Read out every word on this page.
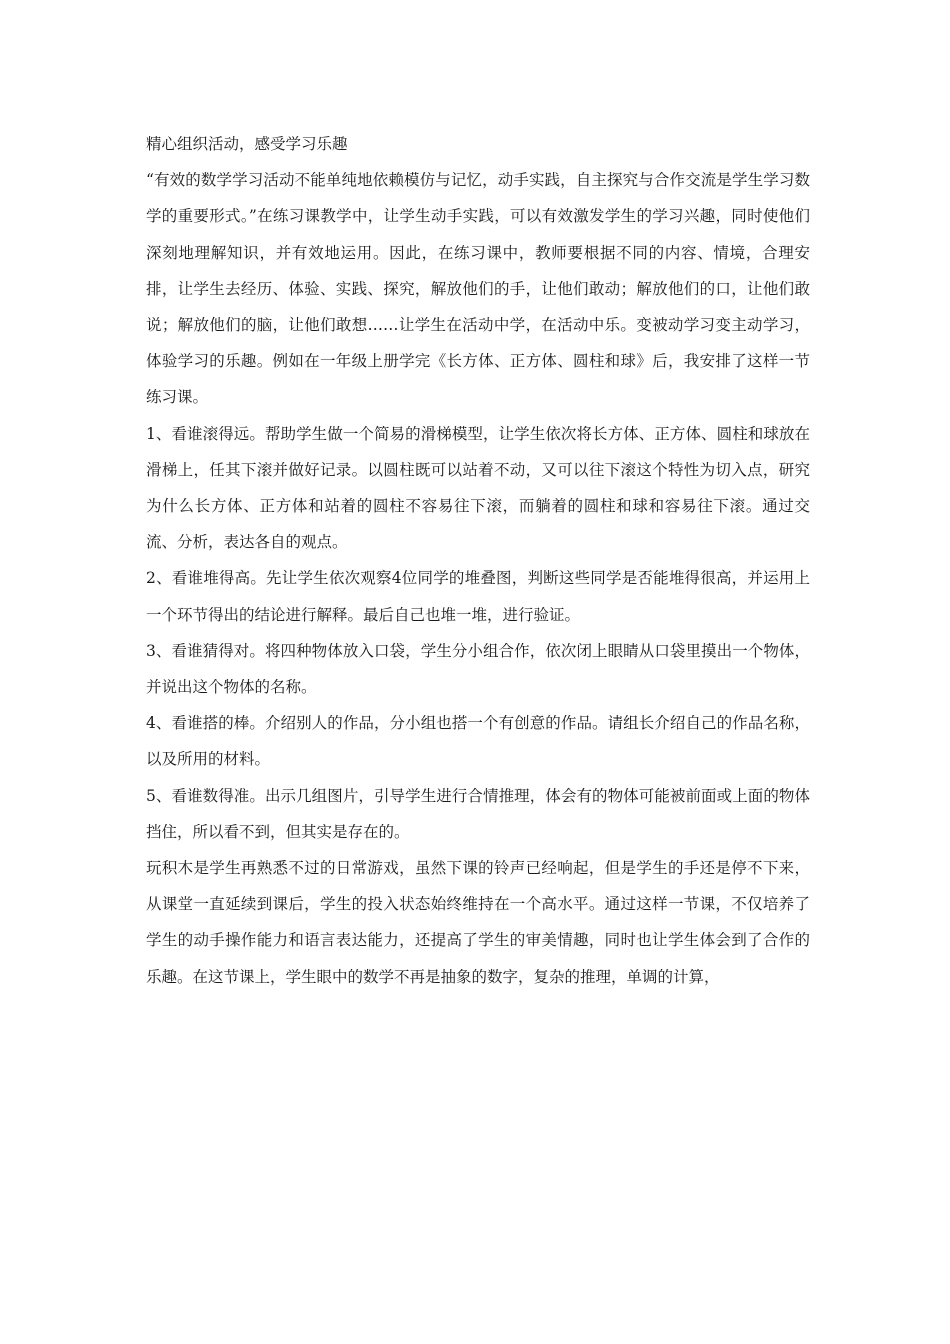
精心组织活动，感受学习乐趣

“有效的数学学习活动不能单纯地依赖模仿与记忆，动手实践，自主探究与合作交流是学生学习数学的重要形式。”在练习课教学中，让学生动手实践，可以有效激发学生的学习兴趣，同时使他们深刻地理解知识，并有效地运用。因此，在练习课中，教师要根据不同的内容、情境，合理安排，让学生去经历、体验、实践、探究，解放他们的手，让他们敢动；解放他们的口，让他们敢说；解放他们的脑，让他们敢想……让学生在活动中学，在活动中乐。变被动学习变主动学习，体验学习的乐趣。例如在一年级上册学完《长方体、正方体、圆柱和球》后，我安排了这样一节练习课。

1、看谁滚得远。帮助学生做一个简易的滑梯模型，让学生依次将长方体、正方体、圆柱和球放在滑梯上，任其下滚并做好记录。以圆柱既可以站着不动，又可以往下滚这个特性为切入点，研究为什么长方体、正方体和站着的圆柱不容易往下滚，而躺着的圆柱和球和容易往下滚。通过交流、分析，表达各自的观点。

2、看谁堆得高。先让学生依次观察4位同学的堆叠图，判断这些同学是否能堆得很高，并运用上一个环节得出的结论进行解释。最后自己也堆一堆，进行验证。

3、看谁猜得对。将四种物体放入口袋，学生分小组合作，依次闭上眼睛从口袋里摸出一个物体，并说出这个物体的名称。

4、看谁搭的棒。介绍别人的作品，分小组也搭一个有创意的作品。请组长介绍自己的作品名称，以及所用的材料。

5、看谁数得准。出示几组图片，引导学生进行合情推理，体会有的物体可能被前面或上面的物体挡住，所以看不到，但其实是存在的。

玩积木是学生再熟悉不过的日常游戏，虽然下课的铃声已经响起，但是学生的手还是停不下来，从课堂一直延续到课后，学生的投入状态始终维持在一个高水平。通过这样一节课，不仅培养了学生的动手操作能力和语言表达能力，还提高了学生的审美情趣，同时也让学生体会到了合作的乐趣。在这节课上，学生眼中的数学不再是抽象的数字，复杂的推理，单调的计算，
